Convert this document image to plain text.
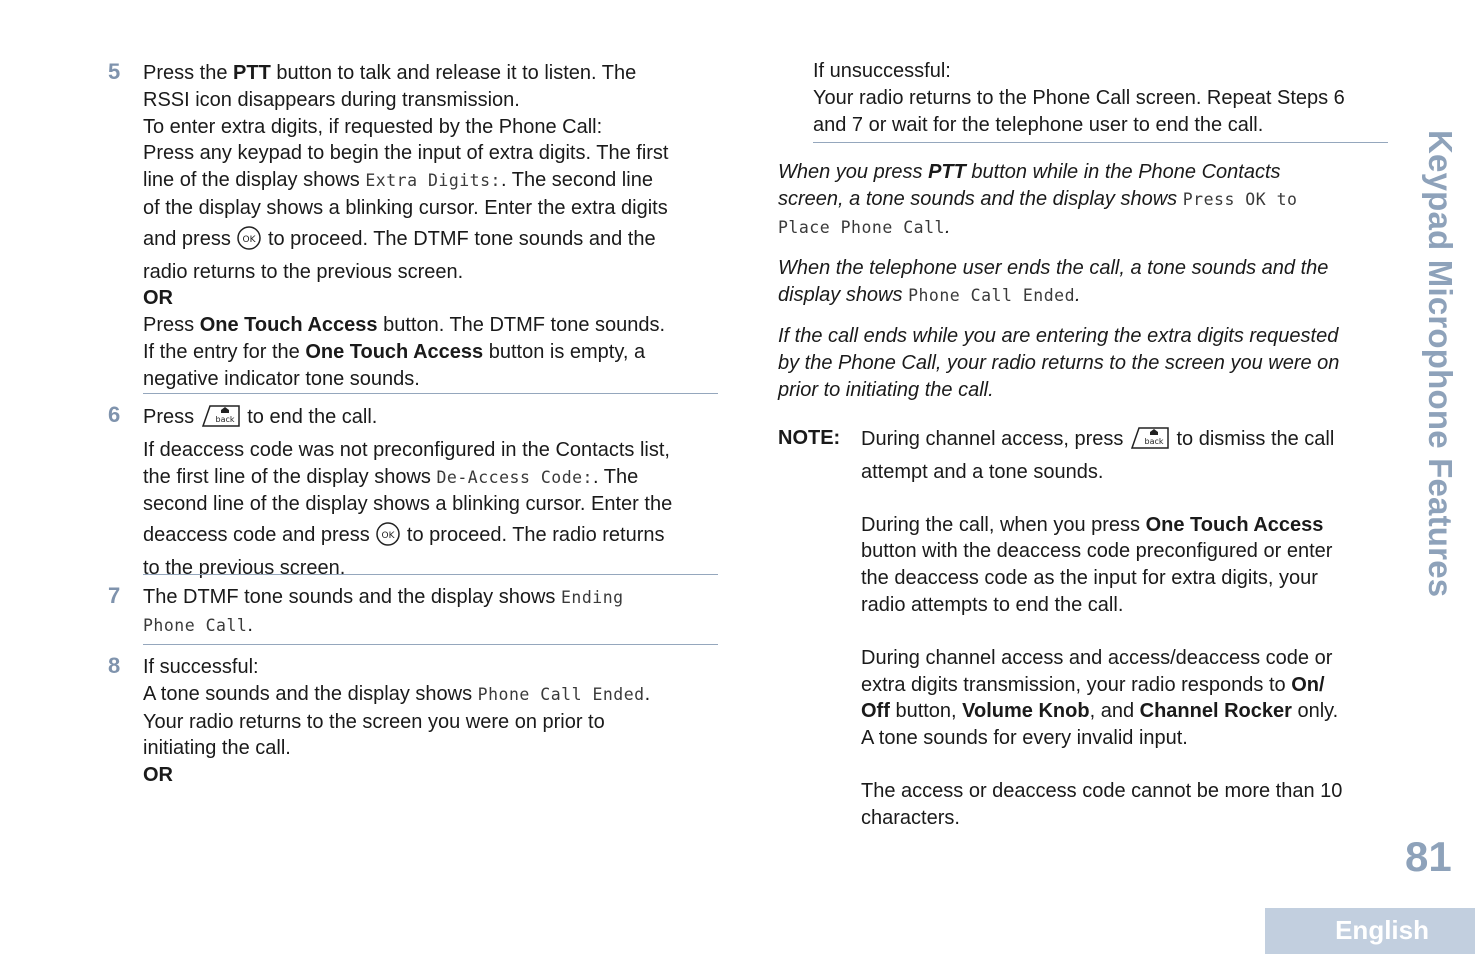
5	Press the PTT button to talk and release it to listen. The
RSSI icon disappears during transmission.
To enter extra digits, if requested by the Phone Call:
Press any keypad to begin the input of extra digits. The first
line of the display shows Extra Digits:. The second line
of the display shows a blinking cursor. Enter the extra digits
and press OK to proceed. The DTMF tone sounds and the
radio returns to the previous screen.
OR
Press One Touch Access button. The DTMF tone sounds.
If the entry for the One Touch Access button is empty, a
negative indicator tone sounds.
6	Press back to end the call.
If deaccess code was not preconfigured in the Contacts list,
the first line of the display shows De-Access Code:. The
second line of the display shows a blinking cursor. Enter the
deaccess code and press OK to proceed. The radio returns
to the previous screen.
7	The DTMF tone sounds and the display shows Ending
Phone Call.
8	If successful:
A tone sounds and the display shows Phone Call Ended.
Your radio returns to the screen you were on prior to
initiating the call.
OR
If unsuccessful:
Your radio returns to the Phone Call screen. Repeat Steps 6
and 7 or wait for the telephone user to end the call.
When you press PTT button while in the Phone Contacts
screen, a tone sounds and the display shows Press OK to
Place Phone Call.
When the telephone user ends the call, a tone sounds and the
display shows Phone Call Ended.
If the call ends while you are entering the extra digits requested
by the Phone Call, your radio returns to the screen you were on
prior to initiating the call.
NOTE: During channel access, press back to dismiss the call
attempt and a tone sounds.
During the call, when you press One Touch Access
button with the deaccess code preconfigured or enter
the deaccess code as the input for extra digits, your
radio attempts to end the call.
During channel access and access/deaccess code or
extra digits transmission, your radio responds to On/
Off button, Volume Knob, and Channel Rocker only.
A tone sounds for every invalid input.
The access or deaccess code cannot be more than 10
characters.
Keypad Microphone Features
81
English
